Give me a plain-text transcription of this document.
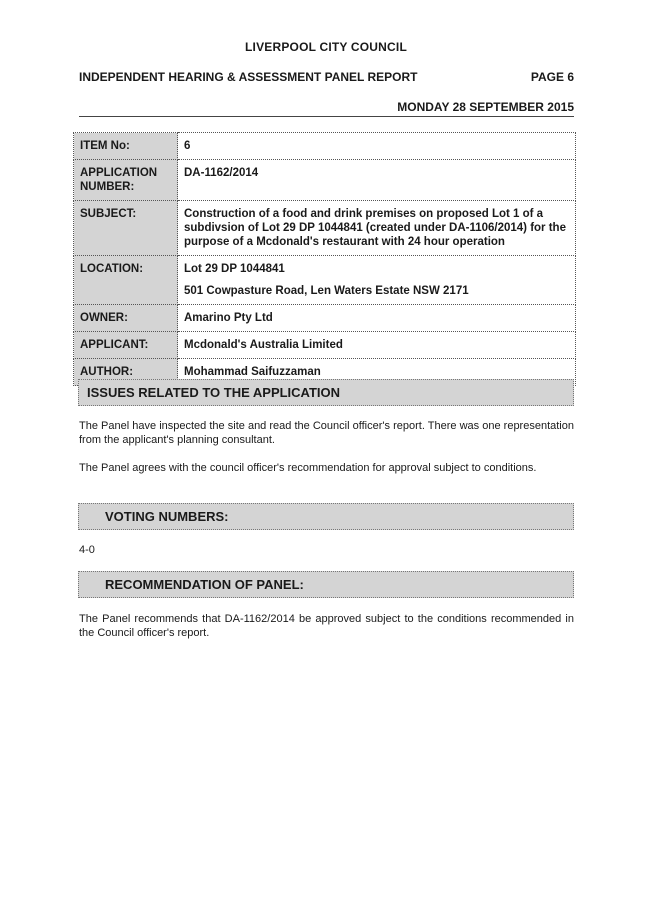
LIVERPOOL CITY COUNCIL
INDEPENDENT HEARING & ASSESSMENT PANEL REPORT	PAGE 6
MONDAY 28 SEPTEMBER 2015
ITEM No:	6
APPLICATION NUMBER:	DA-1162/2014
SUBJECT:	Construction of a food and drink premises on proposed Lot 1 of a subdivsion of Lot 29 DP 1044841 (created under DA-1106/2014) for the purpose of a Mcdonald's restaurant with 24 hour operation
LOCATION:	Lot 29 DP 1044841
501 Cowpasture Road, Len Waters Estate NSW 2171

OWNER:	Amarino Pty Ltd
APPLICANT:	Mcdonald's Australia Limited
AUTHOR:	Mohammad Saifuzzaman
ISSUES RELATED TO THE APPLICATION

The Panel have inspected the site and read the Council officer's report. There was one representation from the applicant's planning consultant.

The Panel agrees with the council officer's recommendation for approval subject to conditions.

VOTING NUMBERS:

4-0

RECOMMENDATION OF PANEL:

The Panel recommends that DA-1162/2014 be approved subject to the conditions recommended in the Council officer's report.
